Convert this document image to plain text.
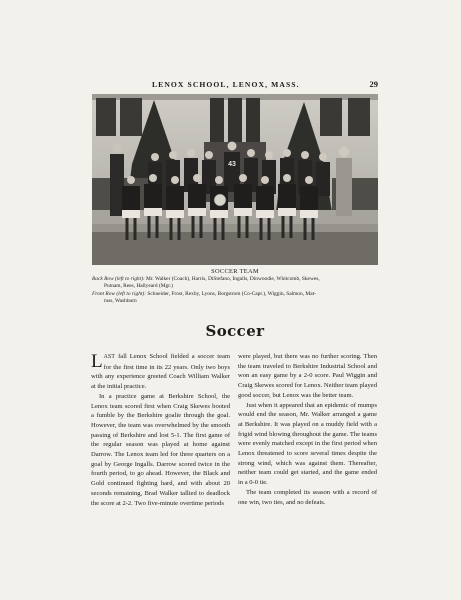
LENOX SCHOOL, LENOX, MASS.	29
43
SOCCER TEAM
Back Row (left to right): Mr. Walker (Coach), Harris, DiStefano, Ingalls, Dinwoodie, Whitcomb, Skewes,
Putnam, Rees, Hallyeard (Mgr.)
Front Row (left to right): Schneider, Frost, Rexby, Lyons, Borgstrom (Co-Capt.), Wiggin, Salmon, Mat-
tuss, Washburn
Soccer

LAST fall Lenox School fielded a soccer team for the first time in its 22 years. Only two boys with any experience greeted Coach William Walker at the initial practice.

In a practice game at Berkshire School, the Lenox team scored first when Craig Skewes booted a fumble by the Berkshire goalie through the goal. However, the team was overwhelmed by the smooth passing of Berkshire and lost 5-1. The first game of the regular season was played at home against Darrow. The Lenox team led for three quarters on a goal by George Ingalls. Darrow scored twice in the fourth period, to go ahead. However, the Black and Gold continued fighting hard, and with about 20 seconds remaining, Brad Walker tallied to deadlock the score at 2-2. Two five-minute overtime periods

were played, but there was no further scoring. Then the team traveled to Berkshire Industrial School and won an easy game by a 2-0 score. Paul Wiggin and Craig Skewes scored for Lenox. Neither team played good soccer, but Lenox was the better team.

Just when it appeared that an epidemic of mumps would end the season, Mr. Walker arranged a game at Berkshire. It was played on a muddy field with a frigid wind blowing throughout the game. The teams were evenly matched except in the first period when Lenox threatened to score several times despite the strong wind, which was against them. Thereafter, neither team could get started, and the game ended in a 0-0 tie.

The team completed its season with a record of one win, two ties, and no defeats.
